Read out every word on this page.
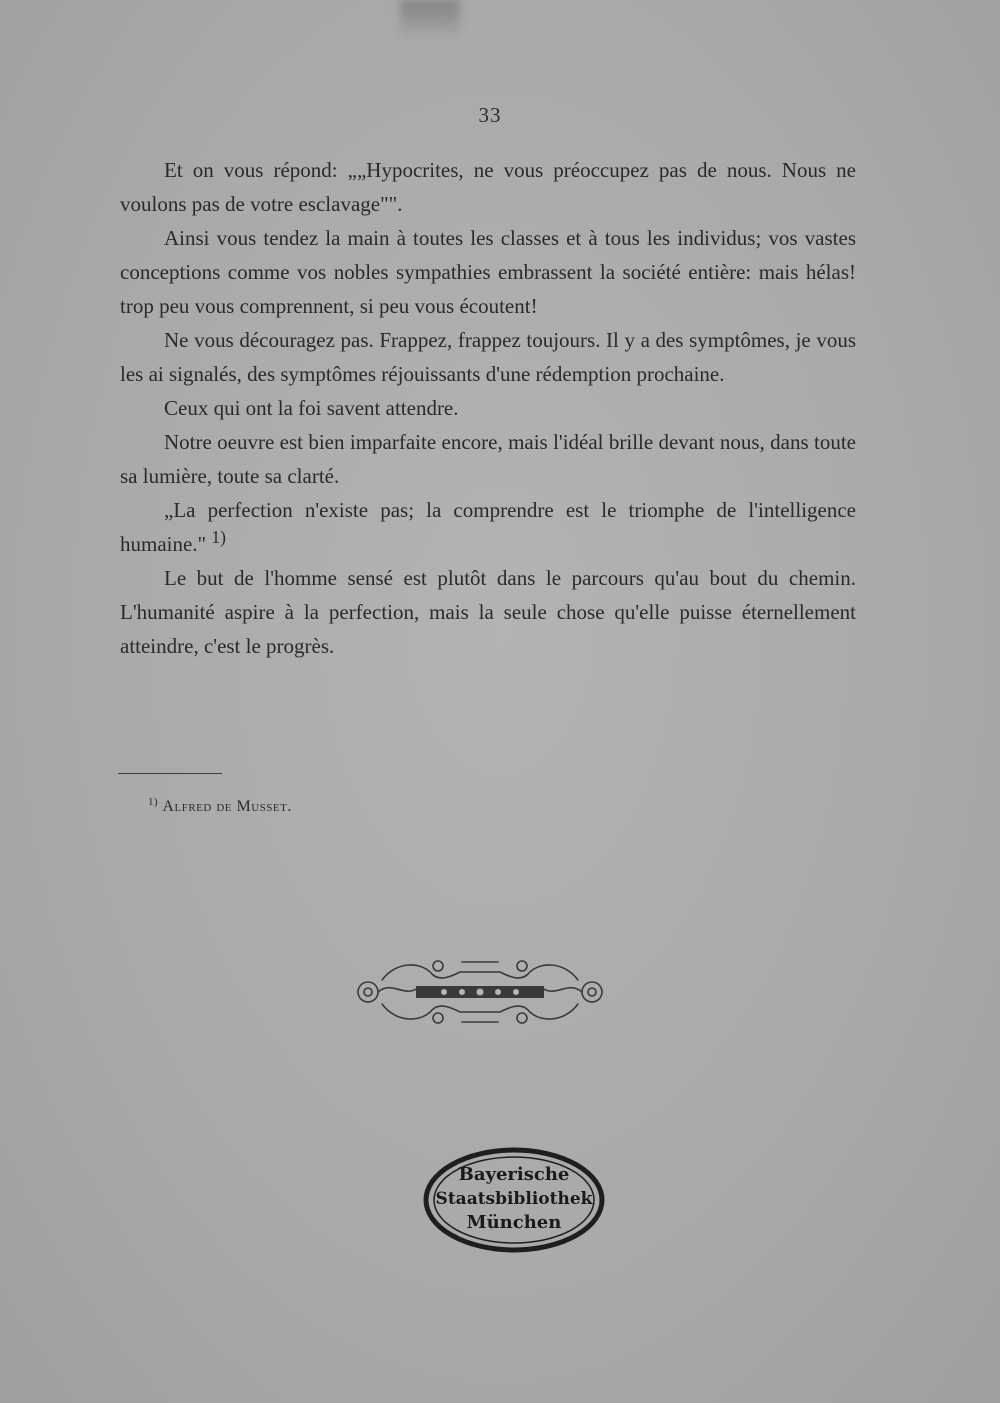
33

Et on vous répond: „„Hypocrites, ne vous préoccupez pas de nous. Nous ne voulons pas de votre esclavage"".

Ainsi vous tendez la main à toutes les classes et à tous les individus; vos vastes conceptions comme vos nobles sympathies embrassent la société entière: mais hélas! trop peu vous comprennent, si peu vous écoutent!

Ne vous découragez pas. Frappez, frappez toujours. Il y a des symptômes, je vous les ai signalés, des symptômes réjouissants d'une rédemption prochaine.

Ceux qui ont la foi savent attendre.

Notre oeuvre est bien imparfaite encore, mais l'idéal brille devant nous, dans toute sa lumière, toute sa clarté.

„La perfection n'existe pas; la comprendre est le triomphe de l'intelligence humaine." $^{1)}$

Le but de l'homme sensé est plutôt dans le parcours qu'au bout du chemin. L'humanité aspire à la perfection, mais la seule chose qu'elle puisse éternellement atteindre, c'est le progrès.

$^{1)}$ Alfred de Musset.
Bayerische
Staatsbibliothek
München
